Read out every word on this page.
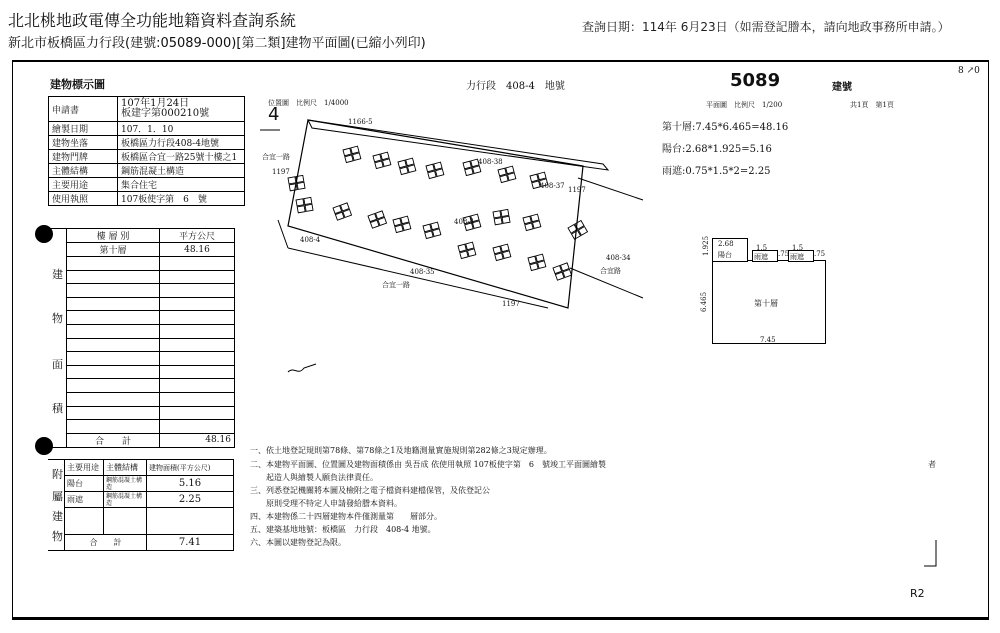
北北桃地政電傳全功能地籍資料查詢系統
新北市板橋區力行段(建號:05089-000)[第二類]建物平面圖(已縮小列印)
查詢日期：114年 6月23日（如需登記謄本，請向地政事務所申請。）
建物標示圖	力行段　408-4　地號	5089	建號
8 ↗0
申請書	107年1月24日
板建字第000210號
繪製日期	107．1．10
建物坐落	板橋區力行段408-4地號
建物門牌	板橋區合宜一路25號十樓之1
主體結構	鋼筋混凝土構造
主要用途	集合住宅
使用執照	107板使字第　6　號
	樓 層 別	平方公尺
	第十層	48.16

	合　　計	48.16
建
物
面
積
	主要用途	主體結構	建物面積(平方公尺)
	陽台	鋼筋混凝土構造	5.16
	雨遮	鋼筋混凝土構造	2.25

	合　　計		7.41
附
屬
建
物
位置圖　比例尺　1/4000
4	1166-5
合宜一路
1197
408-38
408-37 1197
408-4
408-34
408-35
1197
408-4
合宜一路
合宜路
平面圖　比例尺　1/200	共1頁　第1頁
第十層:7.45*6.465=48.16
陽台:2.68*1.925=5.16
雨遮:0.75*1.5*2=2.25
2.68
陽台
1.925	1.5	1.5
雨遮	雨遮
.75	.75
第十層
6.465
7.45
一、依土地登記規則第78條、第78條之1及地籍測量實施規則第282條之3規定辦理。
二、本建物平面圖、位置圖及建物面積係由 吳吾成 依使用執照 107板使字第　6　號竣工平面圖繪製
　　起造人與繪製人願負法律責任。
三、列悉登記機關將本圖及檢附之電子檔資料建檔保管，及依登記公
　　原則受理不特定人申請發給謄本資料。
四、本建物係二十四層建物本件僅測量第　　層部分。
五、建築基地地號：板橋區　力行段　408-4 地號。
六、本圖以建物登記為限。
者
R2
